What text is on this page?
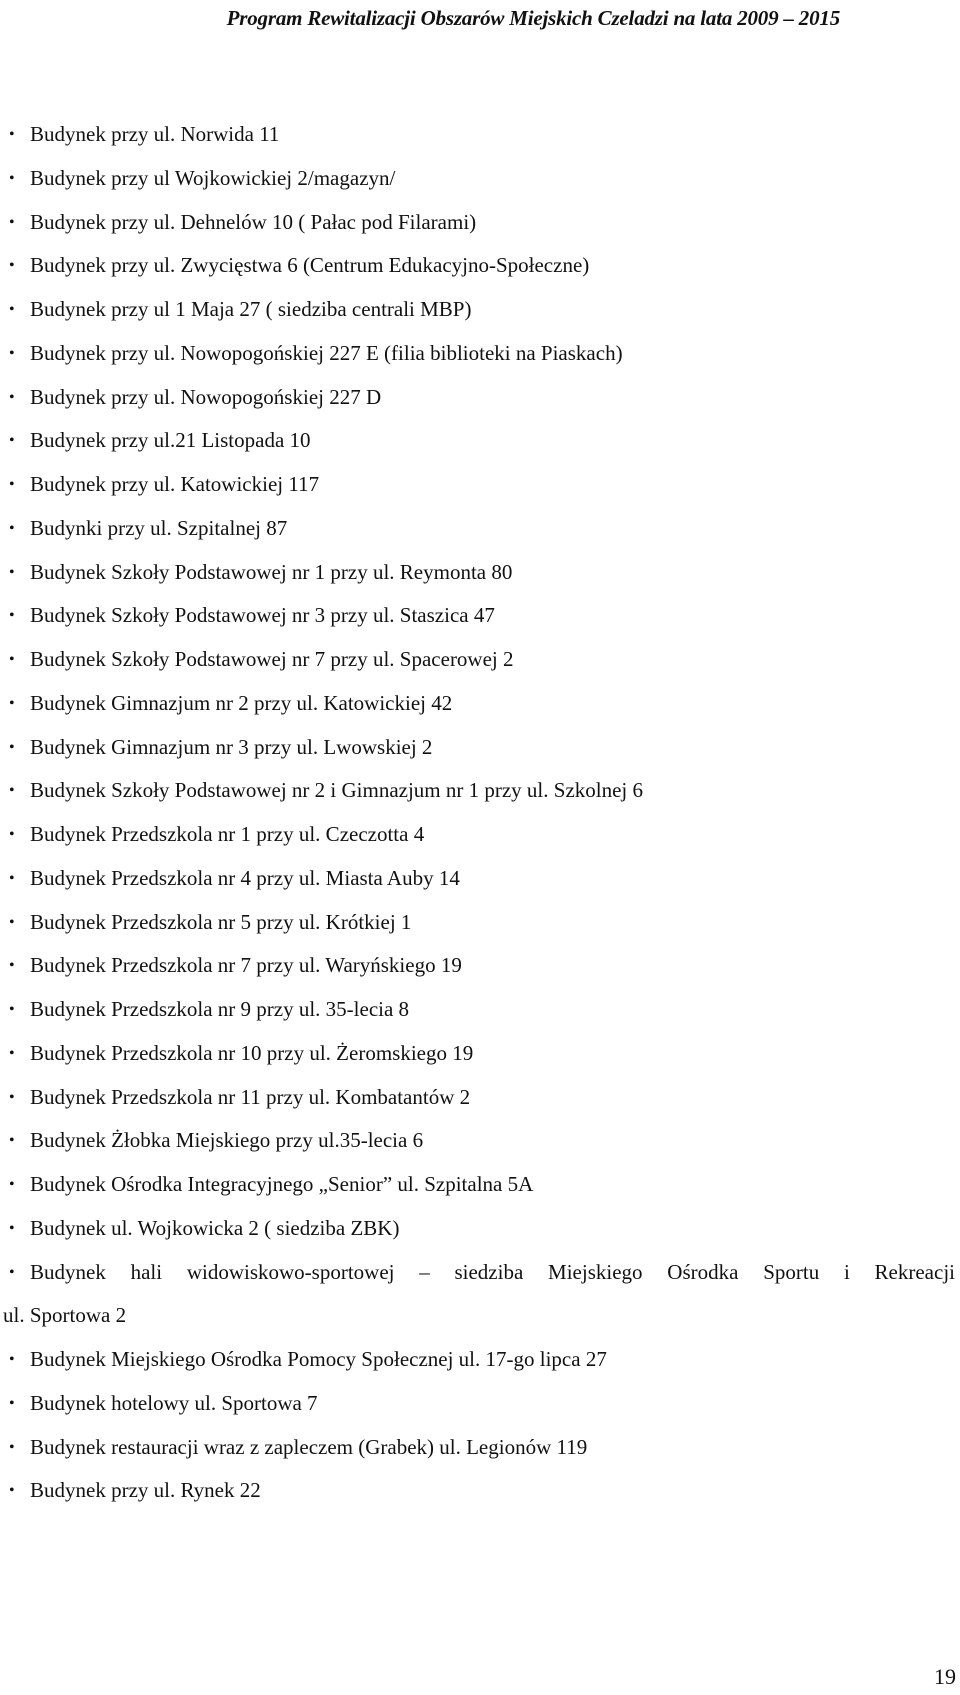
Program Rewitalizacji Obszarów Miejskich Czeladzi na lata 2009 – 2015
• Budynek przy ul. Norwida 11
• Budynek przy ul Wojkowickiej 2/magazyn/
• Budynek przy ul. Dehnelów 10 ( Pałac pod Filarami)
• Budynek przy ul. Zwycięstwa 6 (Centrum Edukacyjno-Społeczne)
• Budynek przy ul 1 Maja 27 ( siedziba centrali MBP)
• Budynek przy ul. Nowopogońskiej 227 E (filia biblioteki na Piaskach)
• Budynek przy ul. Nowopogońskiej 227 D
• Budynek przy ul.21 Listopada 10
• Budynek przy ul. Katowickiej 117
• Budynki przy ul. Szpitalnej 87
• Budynek Szkoły Podstawowej nr 1 przy ul. Reymonta 80
• Budynek Szkoły Podstawowej nr 3 przy ul. Staszica 47
• Budynek Szkoły Podstawowej nr 7 przy ul. Spacerowej 2
• Budynek Gimnazjum nr 2 przy ul. Katowickiej 42
• Budynek Gimnazjum nr 3 przy ul. Lwowskiej 2
• Budynek Szkoły Podstawowej nr 2 i Gimnazjum nr 1 przy ul. Szkolnej 6
• Budynek Przedszkola nr 1 przy ul. Czeczotta 4
• Budynek Przedszkola nr 4 przy ul. Miasta Auby 14
• Budynek Przedszkola nr 5 przy ul. Krótkiej 1
• Budynek Przedszkola nr 7 przy ul. Waryńskiego 19
• Budynek Przedszkola nr 9 przy ul. 35-lecia 8
• Budynek Przedszkola nr 10 przy ul. Żeromskiego 19
• Budynek Przedszkola nr 11 przy ul. Kombatantów 2
• Budynek Żłobka Miejskiego przy ul.35-lecia 6
• Budynek Ośrodka Integracyjnego „Senior” ul. Szpitalna 5A
• Budynek ul. Wojkowicka 2 ( siedziba ZBK)
• Budynek hali widowiskowo-sportowej – siedziba Miejskiego Ośrodka Sportu i Rekreacji
ul. Sportowa 2
• Budynek Miejskiego Ośrodka Pomocy Społecznej ul. 17-go lipca 27
• Budynek hotelowy ul. Sportowa 7
• Budynek restauracji wraz z zapleczem (Grabek) ul. Legionów 119
• Budynek przy ul. Rynek 22
19
